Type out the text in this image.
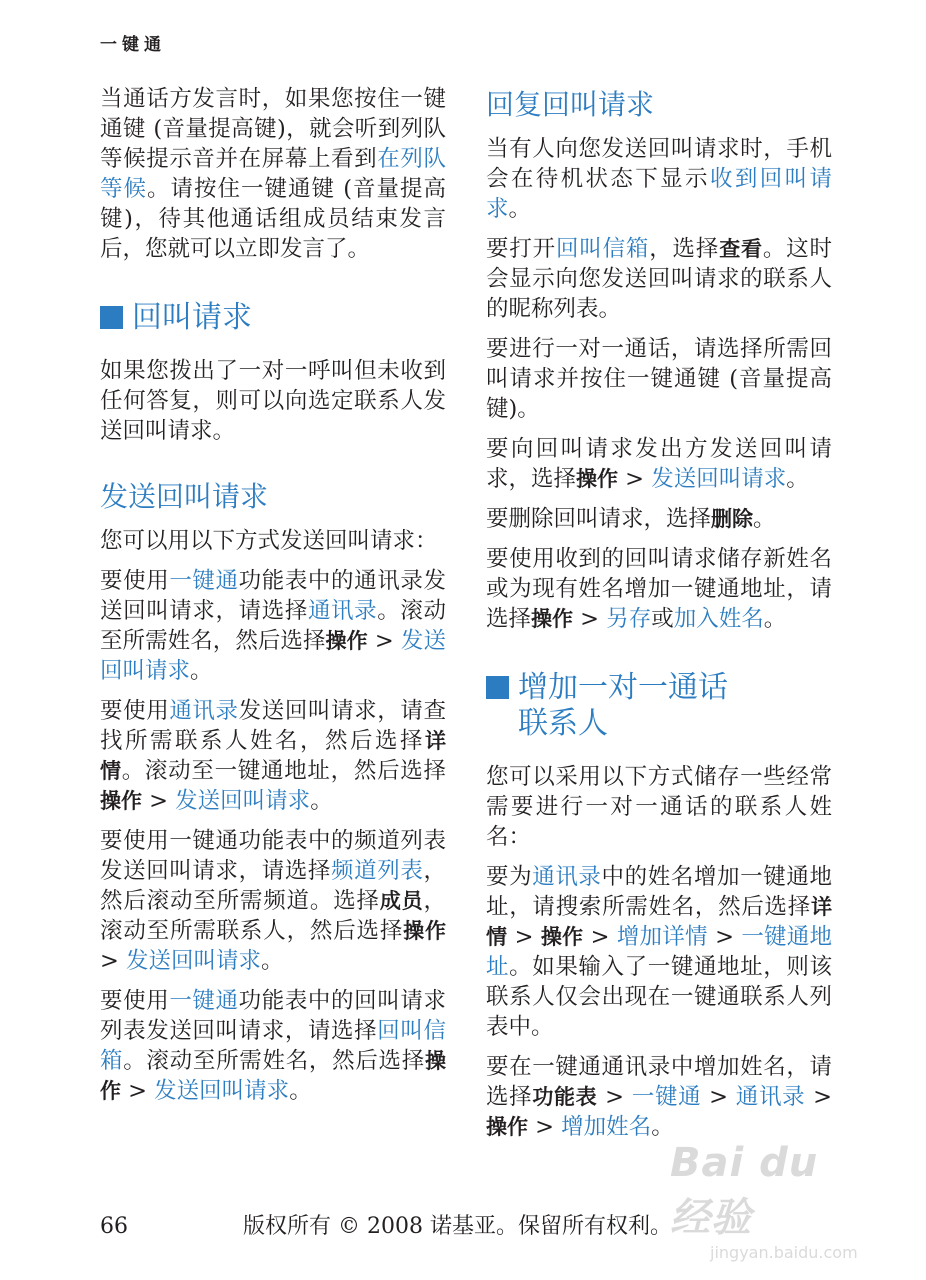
一键通

当通话方发言时，如果您按住一键通键 (音量提高键)，就会听到列队等候提示音并在屏幕上看到在列队等候。请按住一键通键 (音量提高键)，待其他通话组成员结束发言后，您就可以立即发言了。

回叫请求

如果您拨出了一对一呼叫但未收到任何答复，则可以向选定联系人发送回叫请求。

发送回叫请求

您可以用以下方式发送回叫请求：

要使用一键通功能表中的通讯录发送回叫请求，请选择通讯录。滚动至所需姓名，然后选择操作 > 发送回叫请求。

要使用通讯录发送回叫请求，请查找所需联系人姓名，然后选择详情。滚动至一键通地址，然后选择操作 > 发送回叫请求。

要使用一键通功能表中的频道列表发送回叫请求，请选择频道列表，然后滚动至所需频道。选择成员，滚动至所需联系人，然后选择操作 > 发送回叫请求。

要使用一键通功能表中的回叫请求列表发送回叫请求，请选择回叫信箱。滚动至所需姓名，然后选择操作 > 发送回叫请求。

回复回叫请求

当有人向您发送回叫请求时，手机会在待机状态下显示收到回叫请求。

要打开回叫信箱，选择查看。这时会显示向您发送回叫请求的联系人的昵称列表。

要进行一对一通话，请选择所需回叫请求并按住一键通键 (音量提高键)。

要向回叫请求发出方发送回叫请求，选择操作 > 发送回叫请求。

要删除回叫请求，选择删除。

要使用收到的回叫请求储存新姓名或为现有姓名增加一键通地址，请选择操作 > 另存或加入姓名。

增加一对一通话
联系人

您可以采用以下方式储存一些经常需要进行一对一通话的联系人姓名：

要为通讯录中的姓名增加一键通地址，请搜索所需姓名，然后选择详情 > 操作 > 增加详情 > 一键通地址。如果输入了一键通地址，则该联系人仅会出现在一键通联系人列表中。

要在一键通通讯录中增加姓名，请选择功能表 > 一键通 > 通讯录 > 操作 > 增加姓名。

Bai du 经验
jingyan.baidu.com
66	版权所有 © 2008 诺基亚。保留所有权利。
